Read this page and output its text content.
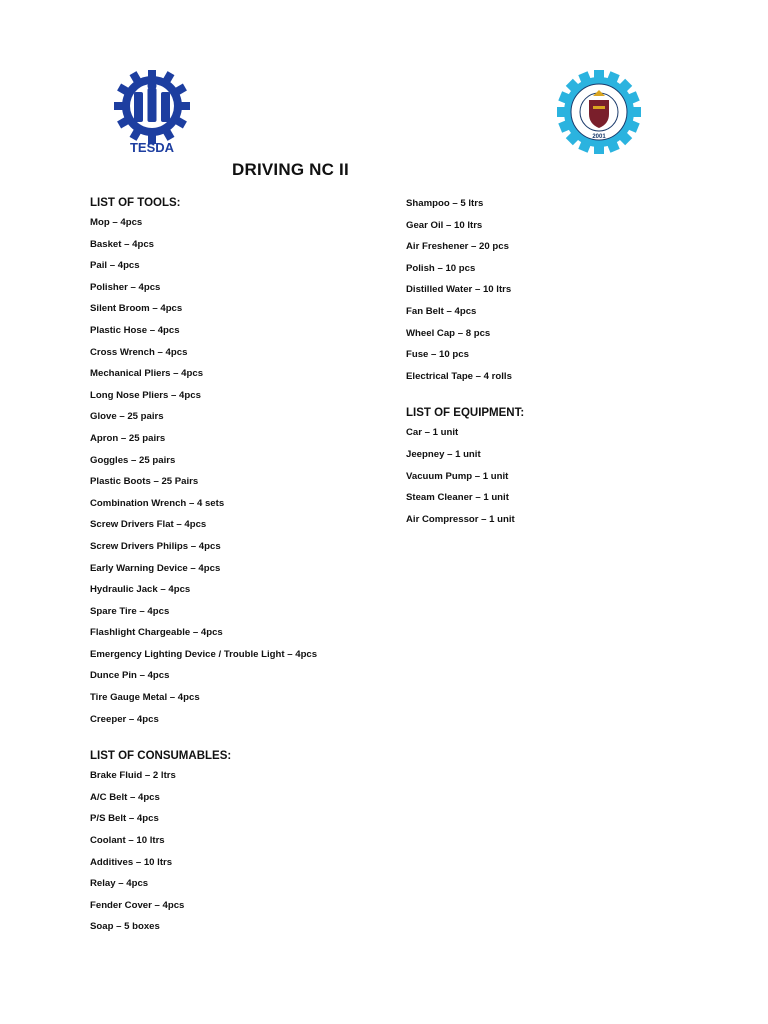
TESDA
2001
DRIVING NC II
LIST OF TOOLS:
Mop – 4pcs
Basket – 4pcs
Pail – 4pcs
Polisher – 4pcs
Silent Broom – 4pcs
Plastic Hose – 4pcs
Cross Wrench – 4pcs
Mechanical Pliers – 4pcs
Long Nose Pliers – 4pcs
Glove – 25 pairs
Apron – 25 pairs
Goggles – 25 pairs
Plastic Boots – 25 Pairs
Combination Wrench – 4 sets
Screw Drivers Flat – 4pcs
Screw Drivers Philips – 4pcs
Early Warning Device – 4pcs
Hydraulic Jack – 4pcs
Spare Tire – 4pcs
Flashlight Chargeable – 4pcs
Emergency Lighting Device / Trouble Light – 4pcs
Dunce Pin – 4pcs
Tire Gauge Metal – 4pcs
Creeper – 4pcs
LIST OF CONSUMABLES:
Brake Fluid – 2 ltrs
A/C Belt – 4pcs
P/S Belt – 4pcs
Coolant – 10 ltrs
Additives – 10 ltrs
Relay – 4pcs
Fender Cover – 4pcs
Soap – 5 boxes
Shampoo – 5 ltrs
Gear Oil – 10 ltrs
Air Freshener – 20 pcs
Polish – 10 pcs
Distilled Water – 10 ltrs
Fan Belt – 4pcs
Wheel Cap – 8 pcs
Fuse – 10 pcs
Electrical Tape – 4 rolls
LIST OF EQUIPMENT:
Car – 1 unit
Jeepney – 1 unit
Vacuum Pump – 1 unit
Steam Cleaner – 1 unit
Air Compressor – 1 unit
